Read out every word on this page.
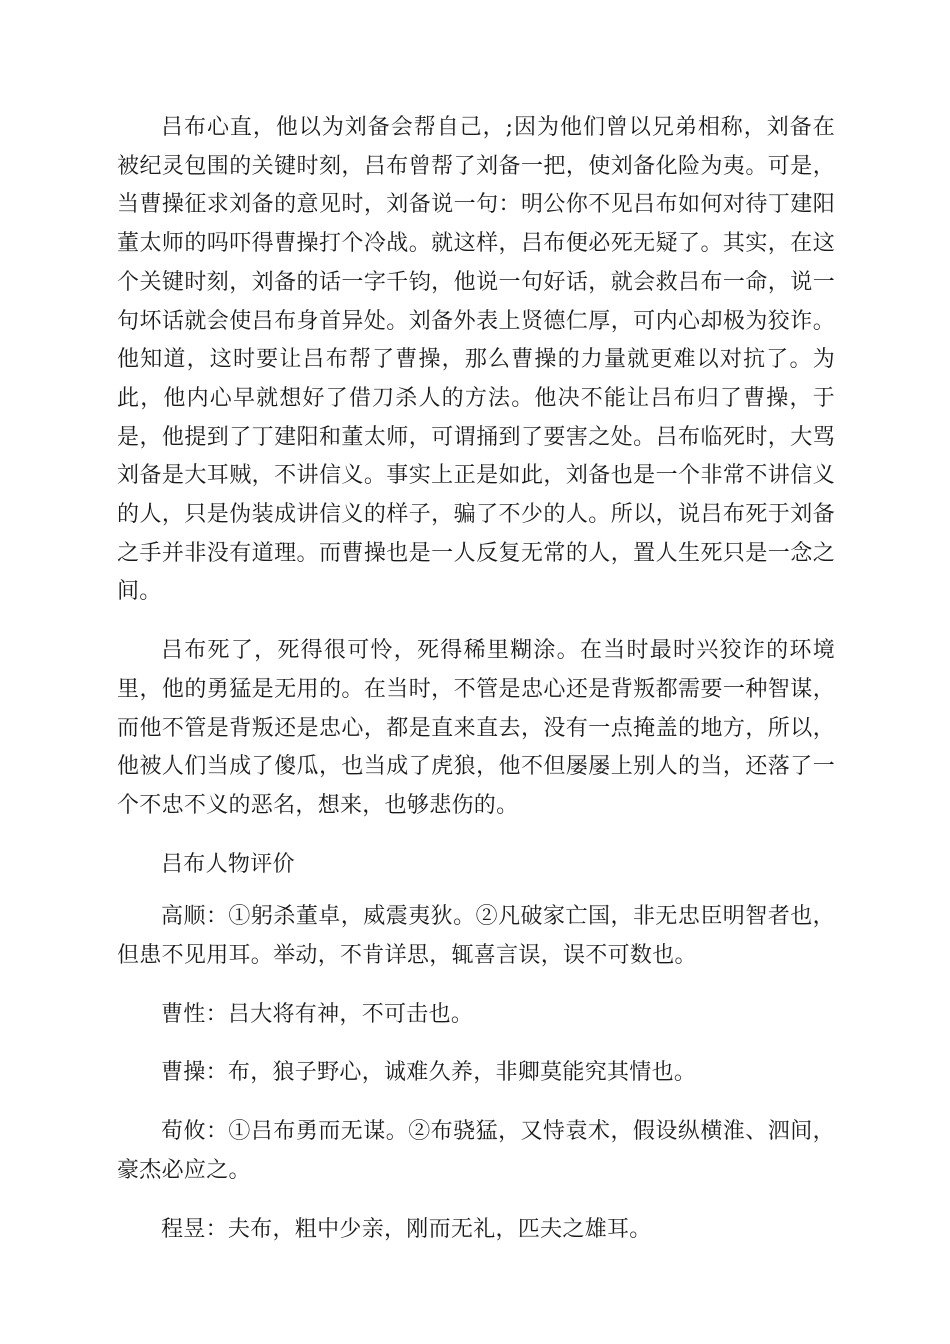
吕布心直，他以为刘备会帮自己，;因为他们曾以兄弟相称，刘备在被纪灵包围的关键时刻，吕布曾帮了刘备一把，使刘备化险为夷。可是，当曹操征求刘备的意见时，刘备说一句：明公你不见吕布如何对待丁建阳董太师的吗吓得曹操打个冷战。就这样，吕布便必死无疑了。其实，在这个关键时刻，刘备的话一字千钧，他说一句好话，就会救吕布一命，说一句坏话就会使吕布身首异处。刘备外表上贤德仁厚，可内心却极为狡诈。他知道，这时要让吕布帮了曹操，那么曹操的力量就更难以对抗了。为此，他内心早就想好了借刀杀人的方法。他决不能让吕布归了曹操，于是，他提到了丁建阳和董太师，可谓捅到了要害之处。吕布临死时，大骂刘备是大耳贼，不讲信义。事实上正是如此，刘备也是一个非常不讲信义的人，只是伪装成讲信义的样子，骗了不少的人。所以，说吕布死于刘备之手并非没有道理。而曹操也是一人反复无常的人，置人生死只是一念之间。

吕布死了，死得很可怜，死得稀里糊涂。在当时最时兴狡诈的环境里，他的勇猛是无用的。在当时，不管是忠心还是背叛都需要一种智谋，而他不管是背叛还是忠心，都是直来直去，没有一点掩盖的地方，所以，他被人们当成了傻瓜，也当成了虎狼，他不但屡屡上别人的当，还落了一个不忠不义的恶名，想来，也够悲伤的。

吕布人物评价

高顺：①躬杀董卓，威震夷狄。②凡破家亡国，非无忠臣明智者也，但患不见用耳。举动，不肯详思，辄喜言误，误不可数也。

曹性：吕大将有神，不可击也。

曹操：布，狼子野心，诚难久养，非卿莫能究其情也。

荀攸：①吕布勇而无谋。②布骁猛，又恃袁术，假设纵横淮、泗间，豪杰必应之。

程昱：夫布，粗中少亲，刚而无礼，匹夫之雄耳。
